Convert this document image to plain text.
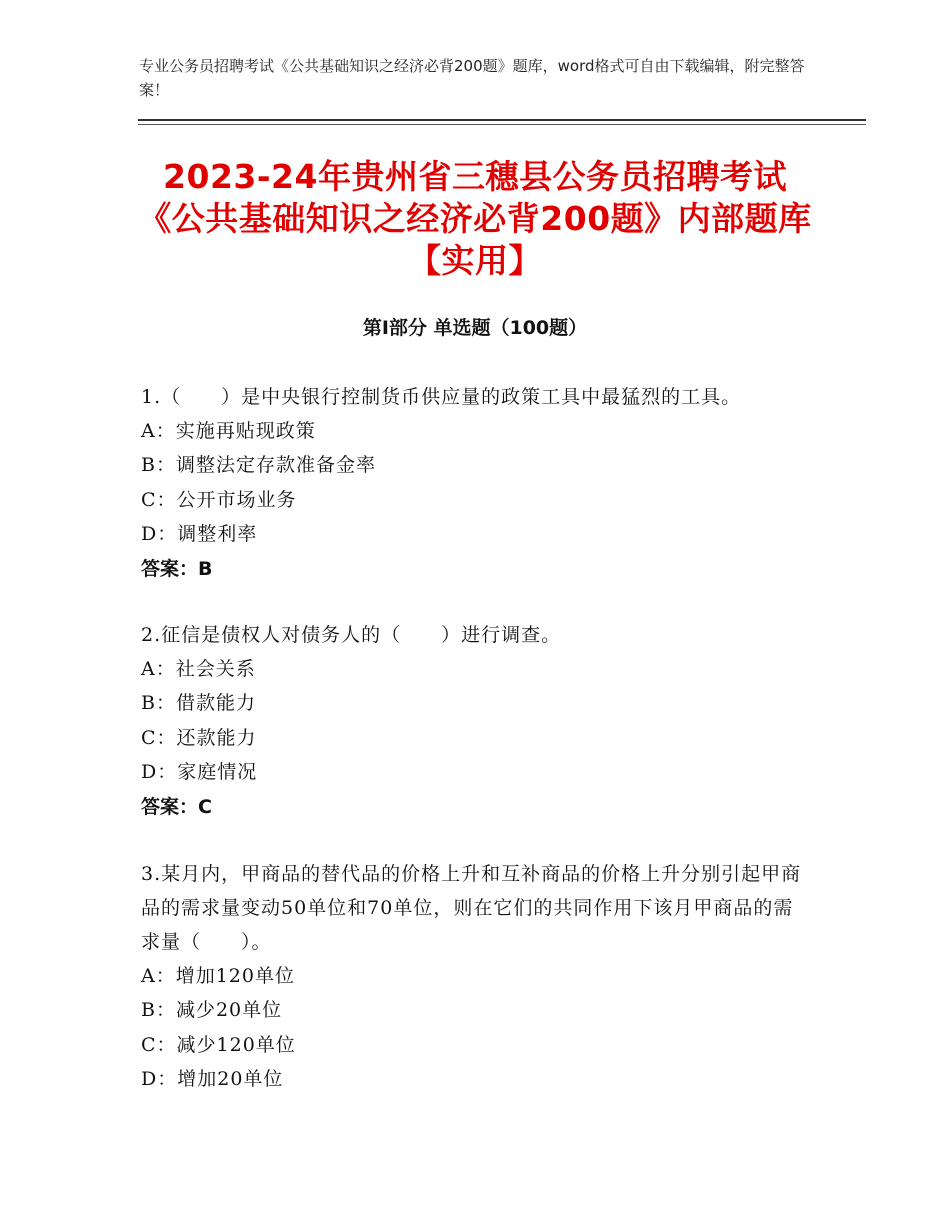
专业公务员招聘考试《公共基础知识之经济必背200题》题库，word格式可自由下载编辑，附完整答案！
2023-24年贵州省三穗县公务员招聘考试《公共基础知识之经济必背200题》内部题库【实用】
第I部分 单选题（100题）
1.（　　）是中央银行控制货币供应量的政策工具中最猛烈的工具。
A：实施再贴现政策
B：调整法定存款准备金率
C：公开市场业务
D：调整利率
答案：B
2.征信是债权人对债务人的（　　）进行调查。
A：社会关系
B：借款能力
C：还款能力
D：家庭情况
答案：C
3.某月内，甲商品的替代品的价格上升和互补商品的价格上升分别引起甲商品的需求量变动50单位和70单位，则在它们的共同作用下该月甲商品的需求量（　　）。
A：增加120单位
B：减少20单位
C：减少120单位
D：增加20单位
